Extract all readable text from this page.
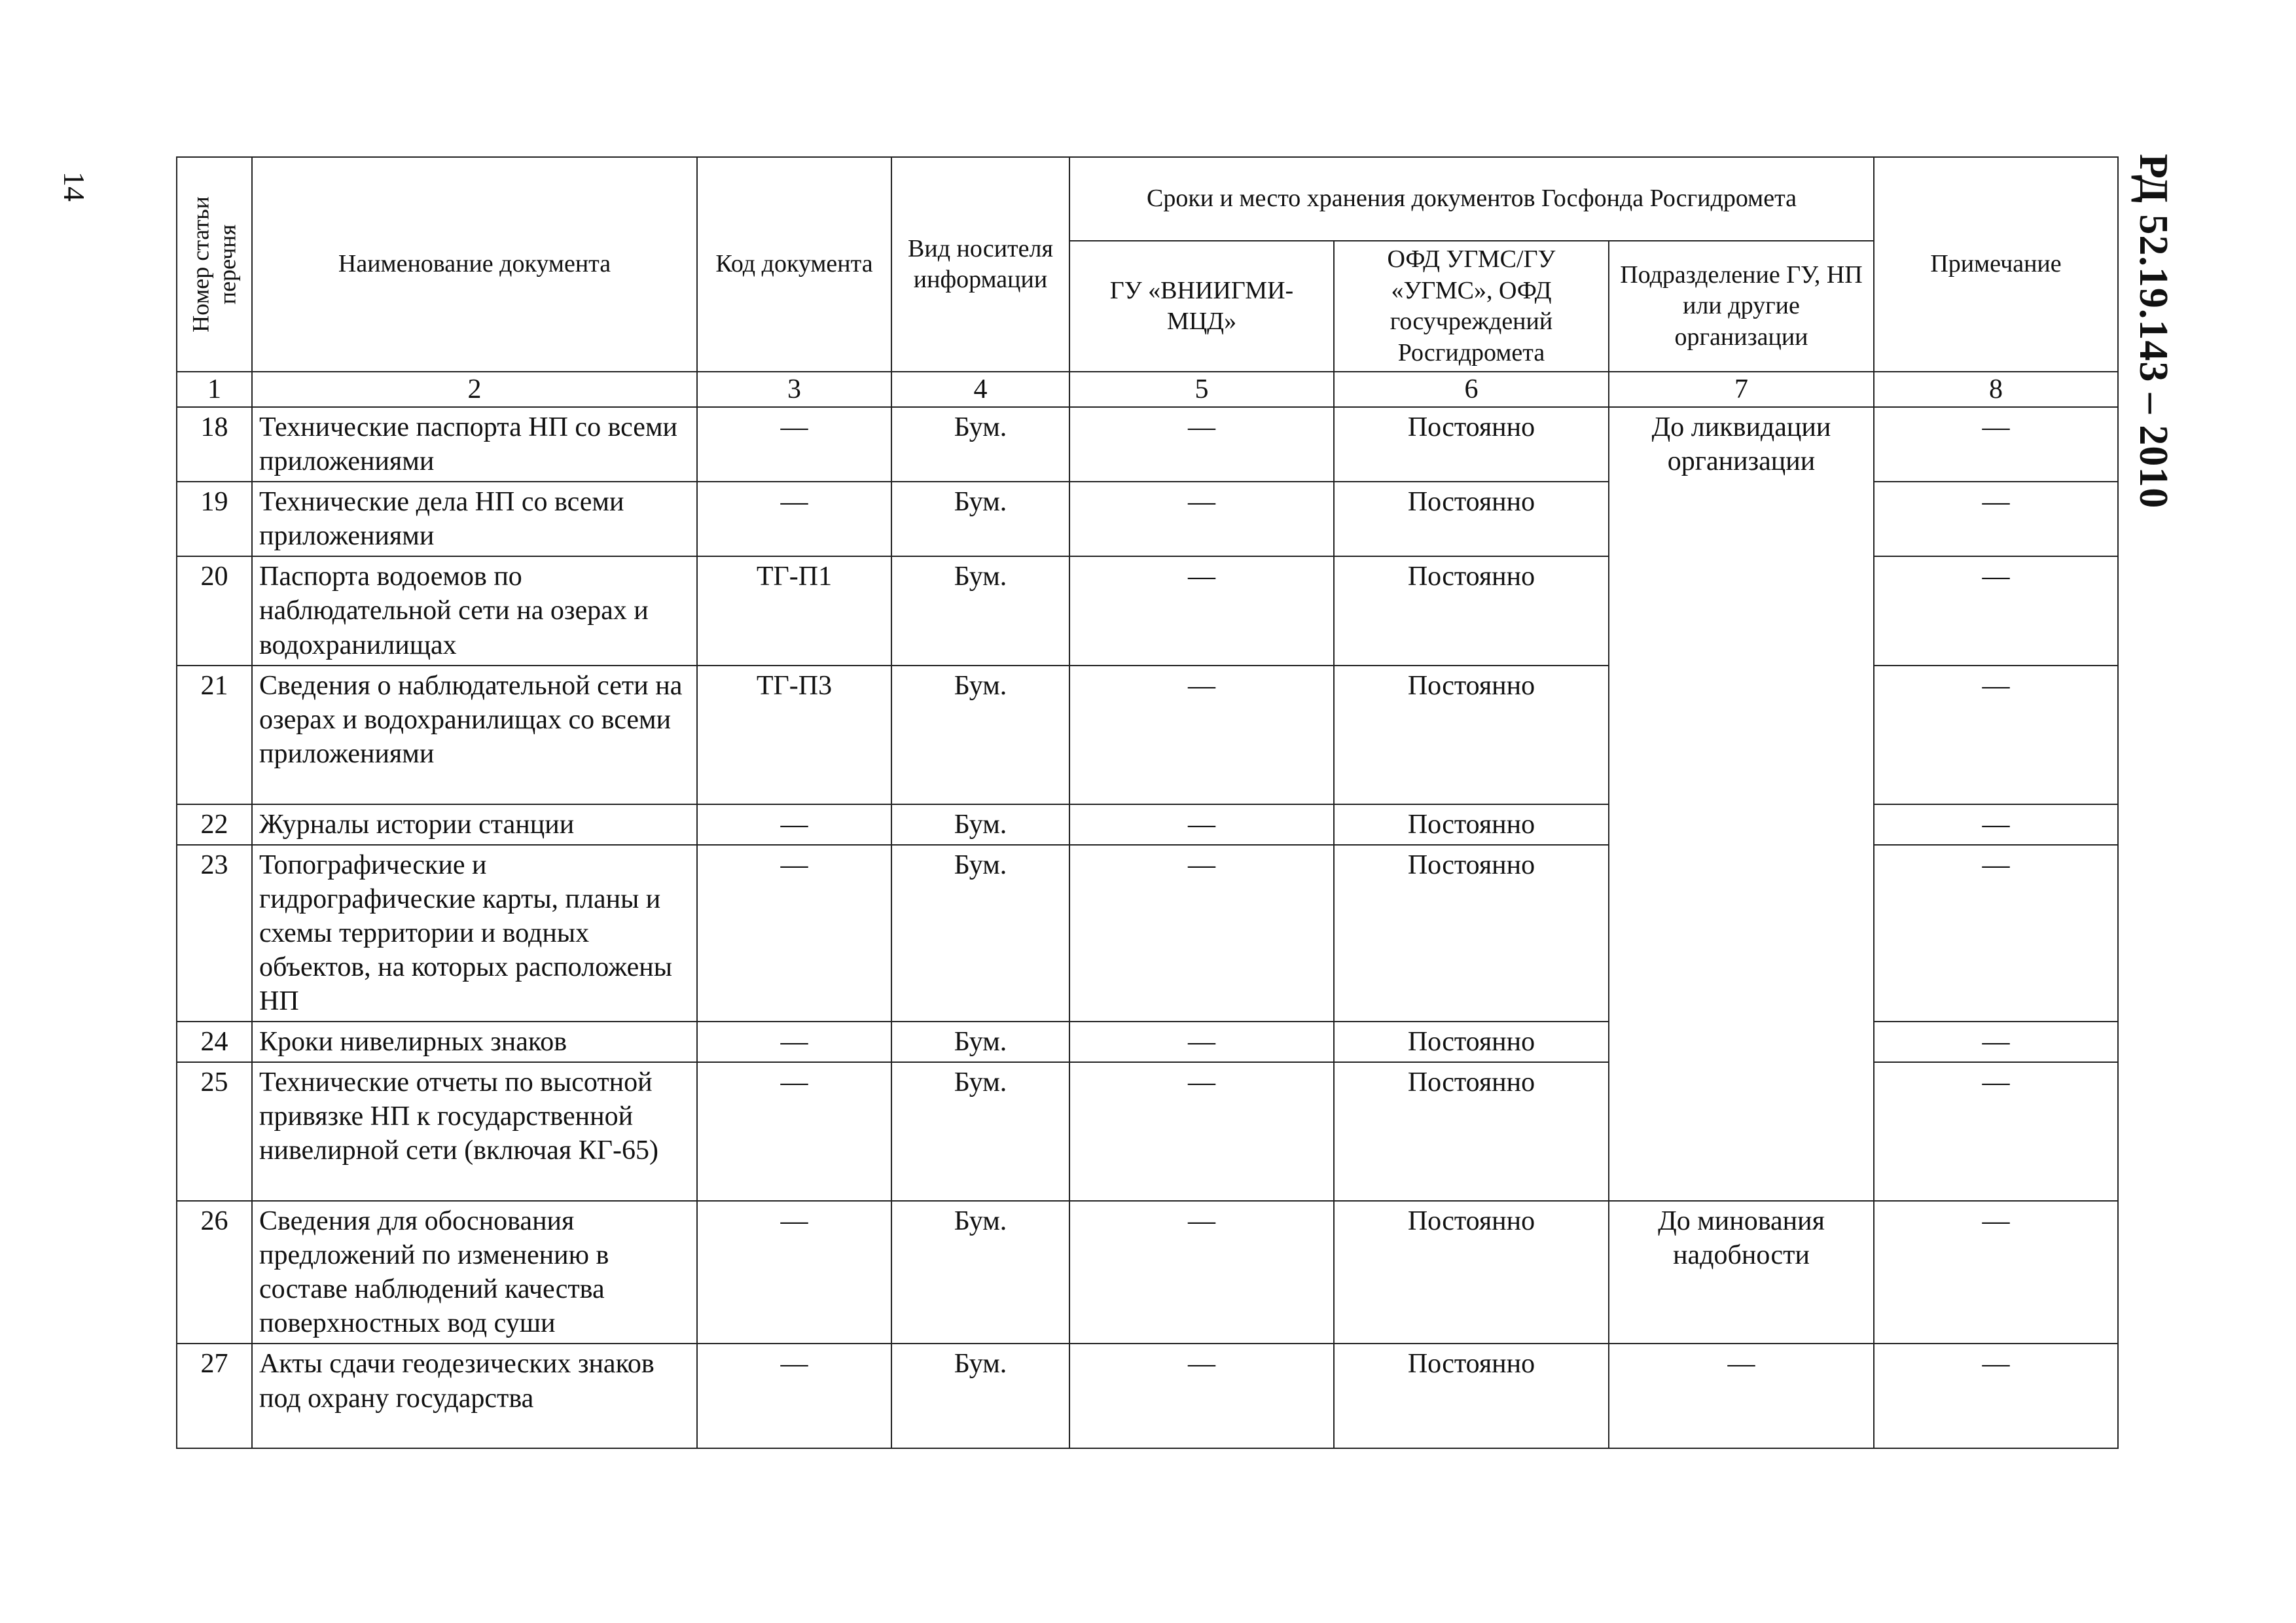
14	РД 52.19.143 – 2010
Номер статьи перечня	Наименование документа	Код документа	Вид носителя информации	Сроки и место хранения документов Госфонда Росгидромета			Примечание
				ГУ «ВНИИГМИ-МЦД»	ОФД УГМС/ГУ «УГМС», ОФД госучреждений Росгидромета	Подразделение ГУ, НП или другие организации	
1	2	3	4	5	6	7	8
18	Технические паспорта НП со всеми приложениями	—	Бум.	—	Постоянно	До ликвидации организации	—
19	Технические дела НП со всеми приложениями	—	Бум.	—	Постоянно		—
20	Паспорта водоемов по наблюдательной сети на озерах и водохранилищах	ТГ-П1	Бум.	—	Постоянно		—
21	Сведения о наблюдательной сети на озерах и водохранилищах со всеми приложениями	ТГ-П3	Бум.	—	Постоянно		—
22	Журналы истории станции	—	Бум.	—	Постоянно		—
23	Топографические и гидрографические карты, планы и схемы территории и водных объектов, на которых расположены НП	—	Бум.	—	Постоянно		—
24	Кроки нивелирных знаков	—	Бум.	—	Постоянно		—
25	Технические отчеты по высотной привязке НП к государственной нивелирной сети (включая КГ-65)	—	Бум.	—	Постоянно		—
26	Сведения для обоснования предложений по изменению в составе наблюдений качества поверхностных вод суши	—	Бум.	—	Постоянно	До минования надобности	—
27	Акты сдачи геодезических знаков под охрану государства	—	Бум.	—	Постоянно	—	—
